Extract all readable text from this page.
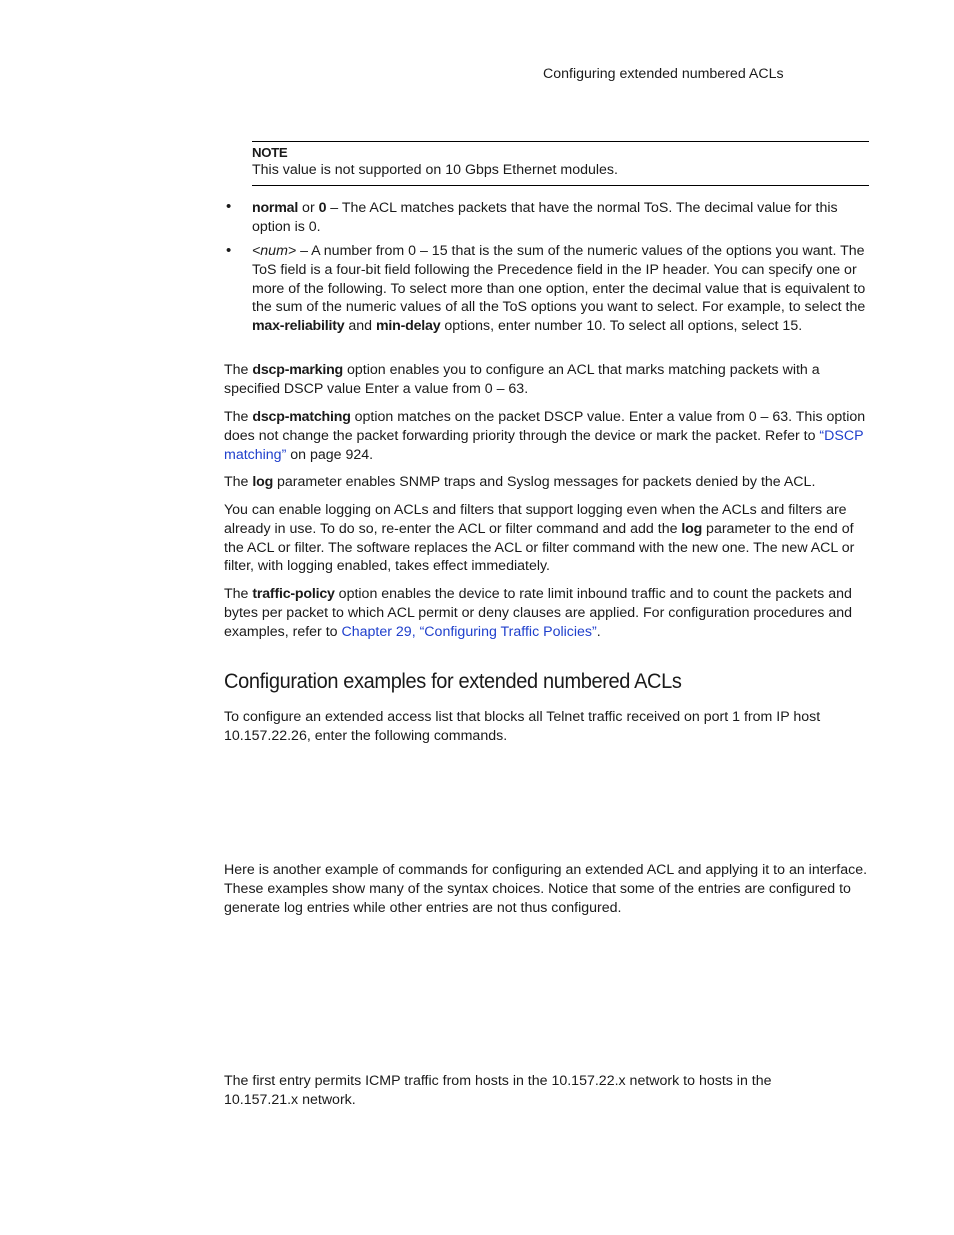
Configuring extended numbered ACLs
NOTE
This value is not supported on 10 Gbps Ethernet modules.
• normal or 0 – The ACL matches packets that have the normal ToS. The decimal value for this option is 0.

• <num> – A number from 0 – 15 that is the sum of the numeric values of the options you want. The ToS field is a four-bit field following the Precedence field in the IP header. You can specify one or more of the following. To select more than one option, enter the decimal value that is equivalent to the sum of the numeric values of all the ToS options you want to select. For example, to select the max-reliability and min-delay options, enter number 10. To select all options, select 15.

The dscp-marking option enables you to configure an ACL that marks matching packets with a specified DSCP value Enter a value from 0 – 63.

The dscp-matching option matches on the packet DSCP value. Enter a value from 0 – 63. This option does not change the packet forwarding priority through the device or mark the packet. Refer to “DSCP matching” on page 924.

The log parameter enables SNMP traps and Syslog messages for packets denied by the ACL.

You can enable logging on ACLs and filters that support logging even when the ACLs and filters are already in use. To do so, re-enter the ACL or filter command and add the log parameter to the end of the ACL or filter. The software replaces the ACL or filter command with the new one. The new ACL or filter, with logging enabled, takes effect immediately.

The traffic-policy option enables the device to rate limit inbound traffic and to count the packets and bytes per packet to which ACL permit or deny clauses are applied. For configuration procedures and examples, refer to Chapter 29, “Configuring Traffic Policies”.

Configuration examples for extended numbered ACLs

To configure an extended access list that blocks all Telnet traffic received on port 1 from IP host 10.157.22.26, enter the following commands.

Here is another example of commands for configuring an extended ACL and applying it to an interface. These examples show many of the syntax choices. Notice that some of the entries are configured to generate log entries while other entries are not thus configured.

The first entry permits ICMP traffic from hosts in the 10.157.22.x network to hosts in the 10.157.21.x network.
